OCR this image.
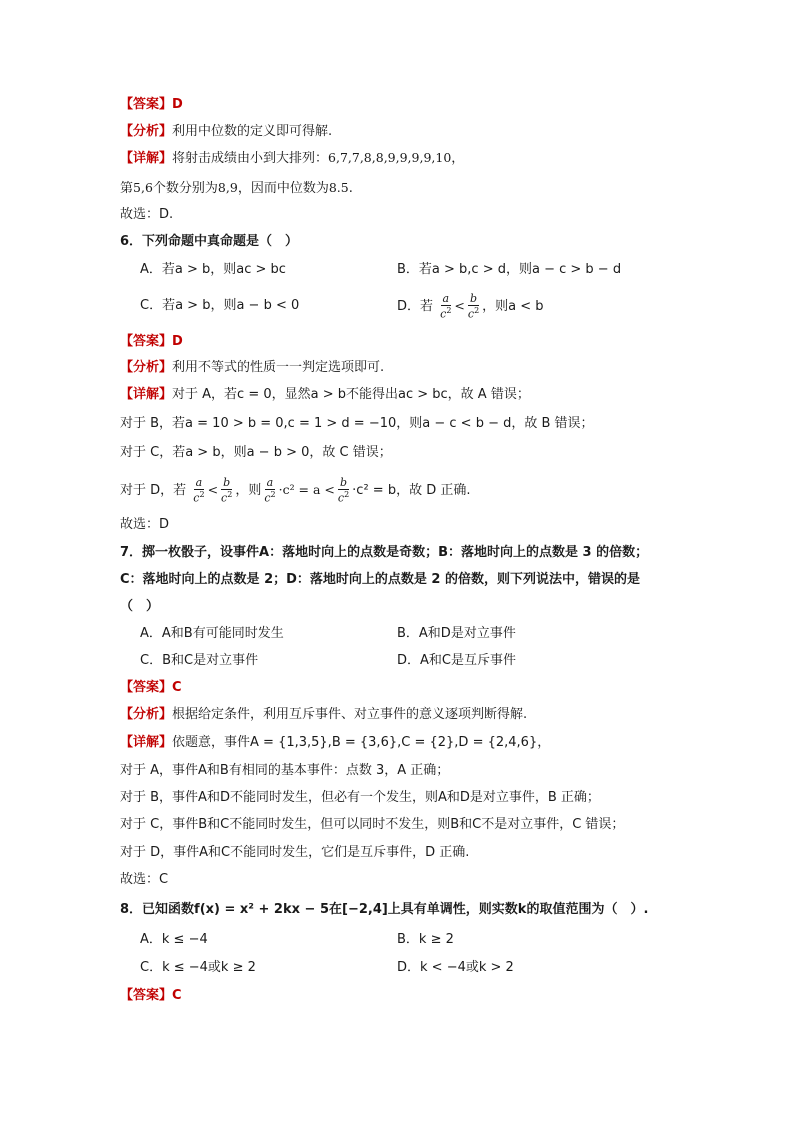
【答案】D
【分析】利用中位数的定义即可得解.
【详解】将射击成绩由小到大排列：6,7,7,8,8,9,9,9,9,10，
第5,6个数分别为8,9，因而中位数为8.5.
故选：D.
6．下列命题中真命题是（　）
A．若a > b，则ac > bc	B．若a > b,c > d，则a − c > b − d
C．若a > b，则a − b < 0	D．若 $\frac{a}{c^2} < \frac{b}{c^2}$ ，则a < b
【答案】D
【分析】利用不等式的性质一一判定选项即可.
【详解】对于 A，若c = 0，显然a > b不能得出ac > bc，故 A 错误；
对于 B，若a = 10 > b = 0,c = 1 > d = −10，则a − c < b − d，故 B 错误；
对于 C，若a > b，则a − b > 0，故 C 错误；
对于 D，若 $\frac{a}{c^2} < \frac{b}{c^2}$ ，则 $\frac{a}{c^2} \cdot c^2 = a < \frac{b}{c^2} \cdot c^2 = b$，故 D 正确.
故选：D
7．掷一枚骰子，设事件A：落地时向上的点数是奇数；B：落地时向上的点数是 3 的倍数；
C：落地时向上的点数是 2；D：落地时向上的点数是 2 的倍数，则下列说法中，错误的是
（　）
A．A和B有可能同时发生	B．A和D是对立事件
C．B和C是对立事件	D．A和C是互斥事件
【答案】C
【分析】根据给定条件，利用互斥事件、对立事件的意义逐项判断得解.
【详解】依题意，事件A = {1,3,5},B = {3,6},C = {2},D = {2,4,6}，
对于 A，事件A和B有相同的基本事件：点数 3，A 正确；
对于 B，事件A和D不能同时发生，但必有一个发生，则A和D是对立事件，B 正确；
对于 C，事件B和C不能同时发生，但可以同时不发生，则B和C不是对立事件，C 错误；
对于 D，事件A和C不能同时发生，它们是互斥事件，D 正确.
故选：C
8．已知函数f(x) = x² + 2kx − 5在[−2,4]上具有单调性，则实数k的取值范围为（　）.
A．k ≤ −4	B．k ≥ 2
C．k ≤ −4或k ≥ 2	D．k < −4或k > 2
【答案】C
